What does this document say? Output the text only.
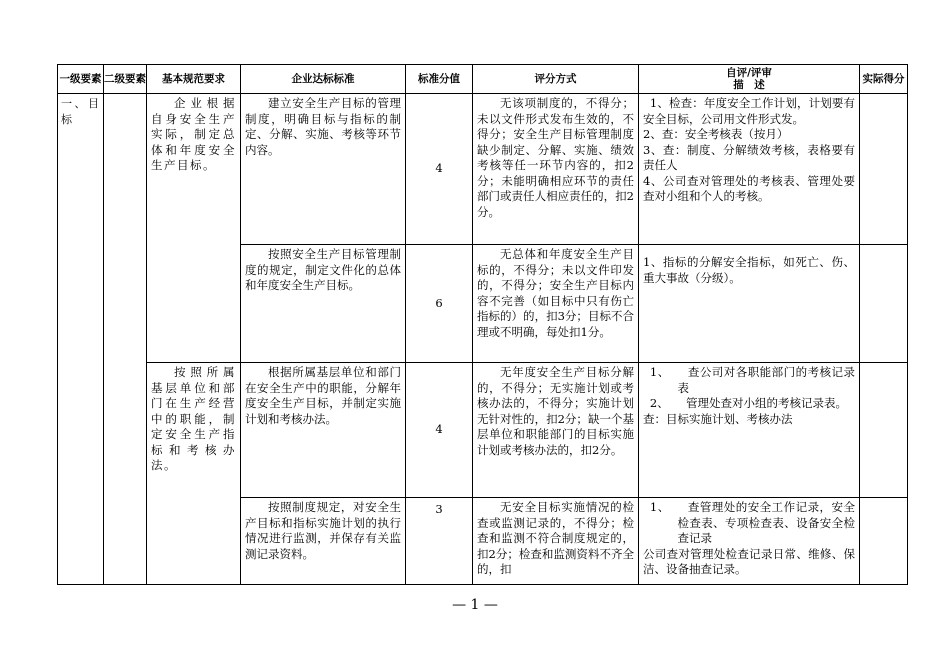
一级要素	二级要素	基本规范要求	企业达标标准	标准分值	评分方式	自评/评审
描　述	实际得分

一、目标		企业根据自身安全生产实际，制定总体和年度安全生产目标。	建立安全生产目标的管理制度，明确目标与指标的制定、分解、实施、考核等环节内容。	4	无该项制度的，不得分；未以文件形式发布生效的，不得分；安全生产目标管理制度缺少制定、分解、实施、绩效考核等任一环节内容的，扣2分；未能明确相应环节的责任部门或责任人相应责任的，扣2分。	1、检查：年度安全工作计划，计划要有安全目标，公司用文件形式发。
2、查：安全考核表（按月）
3、查：制度、分解绩效考核，表格要有责任人
4、公司查对管理处的考核表、管理处要查对小组和个人的考核。	

			按照安全生产目标管理制度的规定，制定文件化的总体和年度安全生产目标。	6	无总体和年度安全生产目标的，不得分；未以文件印发的，不得分；安全生产目标内容不完善（如目标中只有伤亡指标的）的，扣3分；目标不合理或不明确，每处扣1分。	1、指标的分解安全指标，如死亡、伤、重大事故（分级）。	

		按照所属基层单位和部门在生产经营中的职能，制定安全生产指标和考核办法。	根据所属基层单位和部门在安全生产中的职能，分解年度安全生产目标，并制定实施计划和考核办法。	4	无年度安全生产目标分解的，不得分；无实施计划或考核办法的，不得分；实施计划无针对性的，扣2分；缺一个基层单位和职能部门的目标实施计划或考核办法的，扣2分。	1、　　查公司对各职能部门的考核记录表
2、　　管理处查对小组的考核记录表。
查：目标实施计划、考核办法	

			按照制度规定，对安全生产目标和指标实施计划的执行情况进行监测，并保存有关监测记录资料。	3	无安全目标实施情况的检查或监测记录的，不得分；检查和监测不符合制度规定的，扣2分；检查和监测资料不齐全的，扣	1、　　查管理处的安全工作记录，安全检查表、专项检查表、设备安全检查记录
公司查对管理处检查记录日常、维修、保洁、设备抽查记录。	

— 1 —
